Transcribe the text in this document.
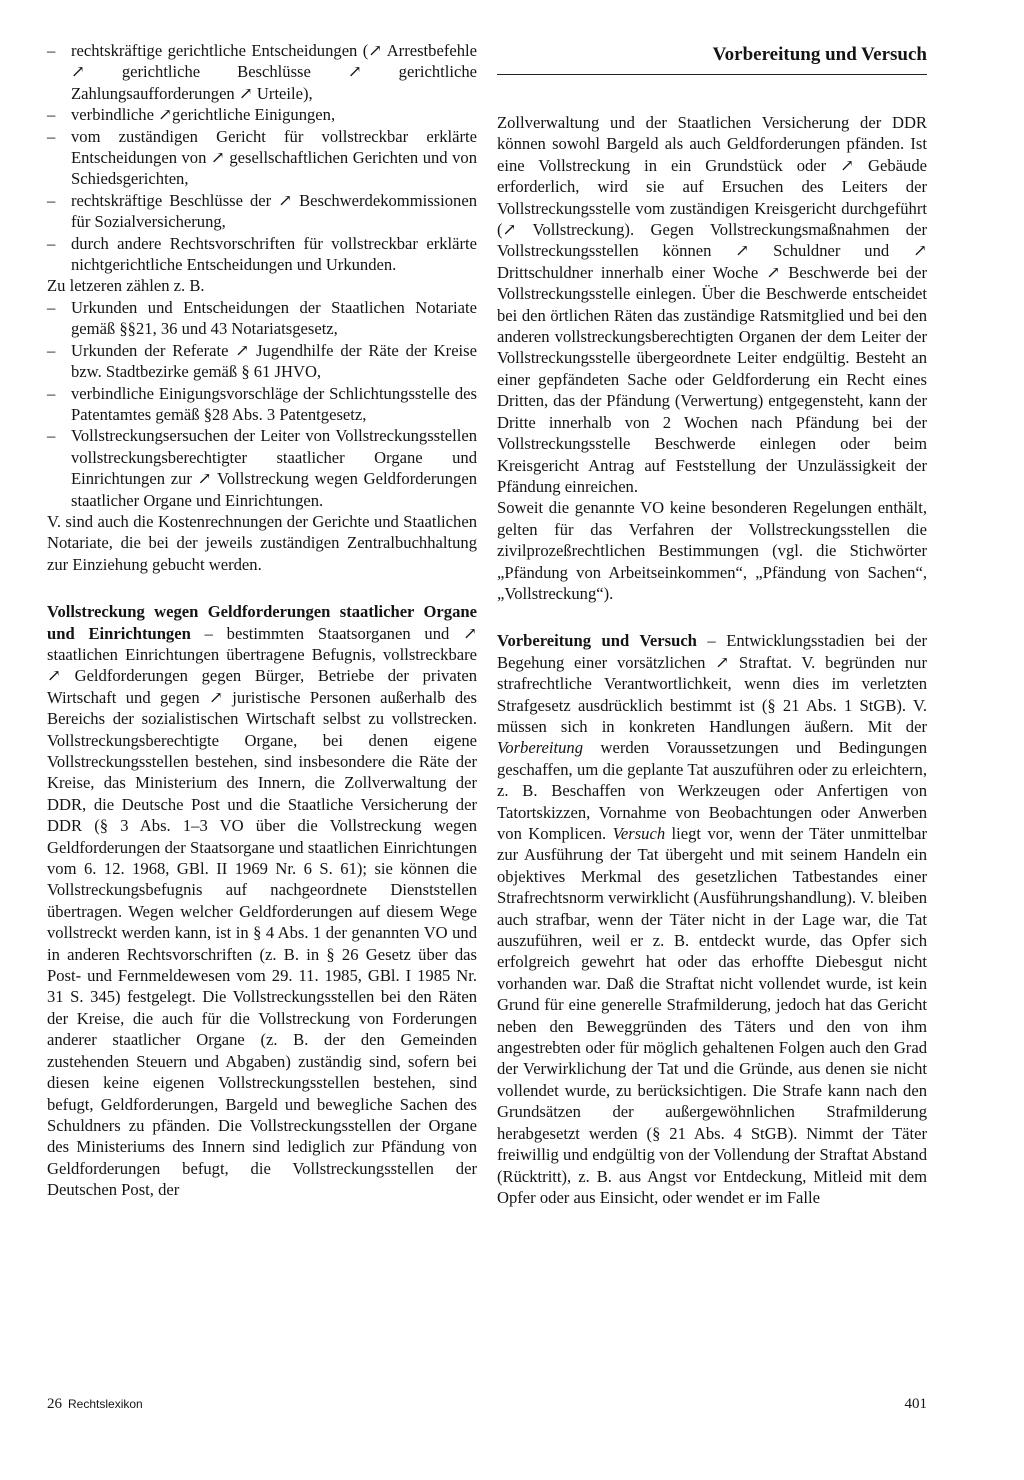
Vorbereitung und Versuch
– rechtskräftige gerichtliche Entscheidungen (↗ Arrestbefehle ↗ gerichtliche Beschlüsse ↗ gerichtliche Zahlungsaufforderungen ↗ Urteile),
– verbindliche ↗gerichtliche Einigungen,
– vom zuständigen Gericht für vollstreckbar erklärte Entscheidungen von ↗ gesellschaftlichen Gerichten und von Schiedsgerichten,
– rechtskräftige Beschlüsse der ↗ Beschwerdekommissionen für Sozialversicherung,
– durch andere Rechtsvorschriften für vollstreckbar erklärte nichtgerichtliche Entscheidungen und Urkunden.

Zu letzeren zählen z. B.

– Urkunden und Entscheidungen der Staatlichen Notariate gemäß §§21, 36 und 43 Notariatsgesetz,
– Urkunden der Referate ↗ Jugendhilfe der Räte der Kreise bzw. Stadtbezirke gemäß § 61 JHVO,
– verbindliche Einigungsvorschläge der Schlichtungsstelle des Patentamtes gemäß §28 Abs. 3 Patentgesetz,
– Vollstreckungsersuchen der Leiter von Vollstreckungsstellen vollstreckungsberechtigter staatlicher Organe und Einrichtungen zur ↗ Vollstreckung wegen Geldforderungen staatlicher Organe und Einrichtungen.

V. sind auch die Kostenrechnungen der Gerichte und Staatlichen Notariate, die bei der jeweils zuständigen Zentralbuchhaltung zur Einziehung gebucht werden.

Vollstreckung wegen Geldforderungen staatlicher Organe und Einrichtungen – bestimmten Staatsorganen und ↗ staatlichen Einrichtungen übertragene Befugnis, vollstreckbare ↗ Geldforderungen gegen Bürger, Betriebe der privaten Wirtschaft und gegen ↗ juristische Personen außerhalb des Bereichs der sozialistischen Wirtschaft selbst zu vollstrecken. Vollstreckungsberechtigte Organe, bei denen eigene Vollstreckungsstellen bestehen, sind insbesondere die Räte der Kreise, das Ministerium des Innern, die Zollverwaltung der DDR, die Deutsche Post und die Staatliche Versicherung der DDR (§ 3 Abs. 1–3 VO über die Vollstreckung wegen Geldforderungen der Staatsorgane und staatlichen Einrichtungen vom 6. 12. 1968, GBl. II 1969 Nr. 6 S. 61); sie können die Vollstreckungsbefugnis auf nachgeordnete Dienststellen übertragen. Wegen welcher Geldforderungen auf diesem Wege vollstreckt werden kann, ist in § 4 Abs. 1 der genannten VO und in anderen Rechtsvorschriften (z. B. in § 26 Gesetz über das Post- und Fernmeldewesen vom 29. 11. 1985, GBl. I 1985 Nr. 31 S. 345) festgelegt. Die Vollstreckungsstellen bei den Räten der Kreise, die auch für die Vollstreckung von Forderungen anderer staatlicher Organe (z. B. der den Gemeinden zustehenden Steuern und Abgaben) zuständig sind, sofern bei diesen keine eigenen Vollstreckungsstellen bestehen, sind befugt, Geldforderungen, Bargeld und bewegliche Sachen des Schuldners zu pfänden. Die Vollstreckungsstellen der Organe des Ministeriums des Innern sind lediglich zur Pfändung von Geldforderungen befugt, die Vollstreckungsstellen der Deutschen Post, der

Zollverwaltung und der Staatlichen Versicherung der DDR können sowohl Bargeld als auch Geldforderungen pfänden. Ist eine Vollstreckung in ein Grundstück oder ↗ Gebäude erforderlich, wird sie auf Ersuchen des Leiters der Vollstreckungsstelle vom zuständigen Kreisgericht durchgeführt (↗ Vollstreckung). Gegen Vollstreckungsmaßnahmen der Vollstreckungsstellen können ↗ Schuldner und ↗ Drittschuldner innerhalb einer Woche ↗ Beschwerde bei der Vollstreckungsstelle einlegen. Über die Beschwerde entscheidet bei den örtlichen Räten das zuständige Ratsmitglied und bei den anderen vollstreckungsberechtigten Organen der dem Leiter der Vollstreckungsstelle übergeordnete Leiter endgültig. Besteht an einer gepfändeten Sache oder Geldforderung ein Recht eines Dritten, das der Pfändung (Verwertung) entgegensteht, kann der Dritte innerhalb von 2 Wochen nach Pfändung bei der Vollstreckungsstelle Beschwerde einlegen oder beim Kreisgericht Antrag auf Feststellung der Unzulässigkeit der Pfändung einreichen.

Soweit die genannte VO keine besonderen Regelungen enthält, gelten für das Verfahren der Vollstreckungsstellen die zivilprozeßrechtlichen Bestimmungen (vgl. die Stichwörter „Pfändung von Arbeitseinkommen“, „Pfändung von Sachen“, „Vollstreckung“).

Vorbereitung und Versuch – Entwicklungsstadien bei der Begehung einer vorsätzlichen ↗ Straftat. V. begründen nur strafrechtliche Verantwortlichkeit, wenn dies im verletzten Strafgesetz ausdrücklich bestimmt ist (§ 21 Abs. 1 StGB). V. müssen sich in konkreten Handlungen äußern. Mit der Vorbereitung werden Voraussetzungen und Bedingungen geschaffen, um die geplante Tat auszuführen oder zu erleichtern, z. B. Beschaffen von Werkzeugen oder Anfertigen von Tatortskizzen, Vornahme von Beobachtungen oder Anwerben von Komplicen. Versuch liegt vor, wenn der Täter unmittelbar zur Ausführung der Tat übergeht und mit seinem Handeln ein objektives Merkmal des gesetzlichen Tatbestandes einer Strafrechtsnorm verwirklicht (Ausführungshandlung). V. bleiben auch strafbar, wenn der Täter nicht in der Lage war, die Tat auszuführen, weil er z. B. entdeckt wurde, das Opfer sich erfolgreich gewehrt hat oder das erhoffte Diebesgut nicht vorhanden war. Daß die Straftat nicht vollendet wurde, ist kein Grund für eine generelle Strafmilderung, jedoch hat das Gericht neben den Beweggründen des Täters und den von ihm angestrebten oder für möglich gehaltenen Folgen auch den Grad der Verwirklichung der Tat und die Gründe, aus denen sie nicht vollendet wurde, zu berücksichtigen. Die Strafe kann nach den Grundsätzen der außergewöhnlichen Strafmilderung herabgesetzt werden (§ 21 Abs. 4 StGB). Nimmt der Täter freiwillig und endgültig von der Vollendung der Straftat Abstand (Rücktritt), z. B. aus Angst vor Entdeckung, Mitleid mit dem Opfer oder aus Einsicht, oder wendet er im Falle

26 Rechtslexikon	401
